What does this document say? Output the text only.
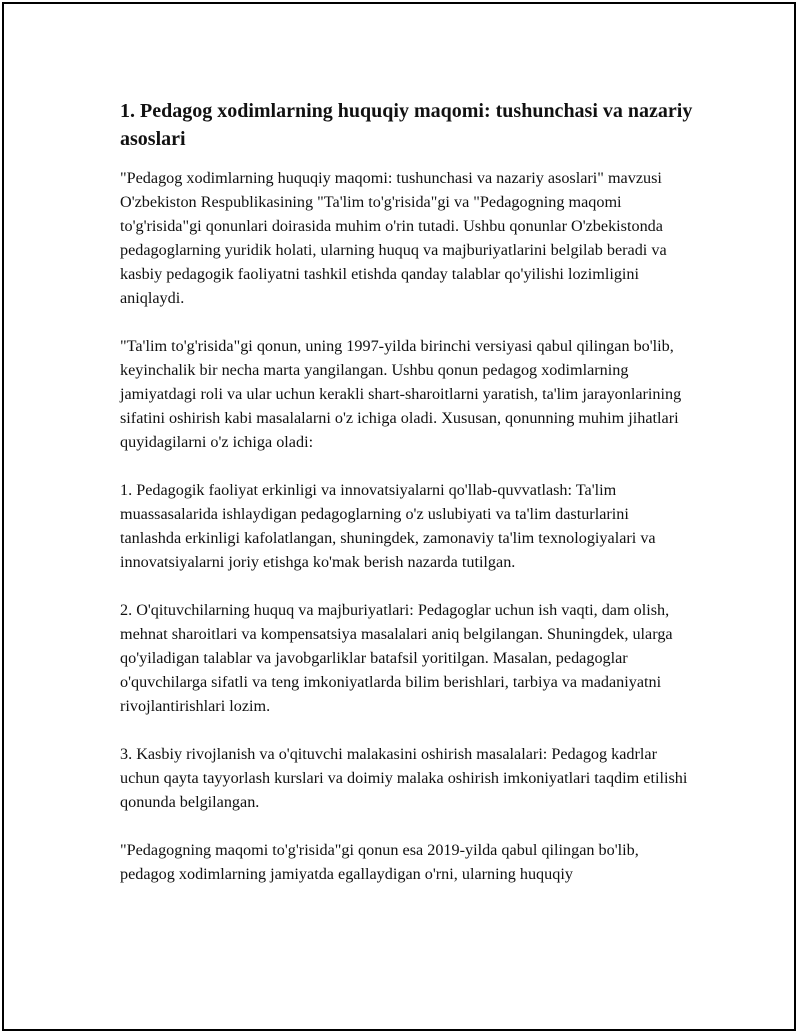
1. Pedagog xodimlarning huquqiy maqomi: tushunchasi va nazariy asoslari

"Pedagog xodimlarning huquqiy maqomi: tushunchasi va nazariy asoslari" mavzusi O'zbekiston Respublikasining "Ta'lim to'g'risida"gi va "Pedagogning maqomi to'g'risida"gi qonunlari doirasida muhim o'rin tutadi. Ushbu qonunlar O'zbekistonda pedagoglarning yuridik holati, ularning huquq va majburiyatlarini belgilab beradi va kasbiy pedagogik faoliyatni tashkil etishda qanday talablar qo'yilishi lozimligini aniqlaydi.

"Ta'lim to'g'risida"gi qonun, uning 1997-yilda birinchi versiyasi qabul qilingan bo'lib, keyinchalik bir necha marta yangilangan. Ushbu qonun pedagog xodimlarning jamiyatdagi roli va ular uchun kerakli shart-sharoitlarni yaratish, ta'lim jarayonlarining sifatini oshirish kabi masalalarni o'z ichiga oladi. Xususan, qonunning muhim jihatlari quyidagilarni o'z ichiga oladi:

1. Pedagogik faoliyat erkinligi va innovatsiyalarni qo'llab-quvvatlash: Ta'lim muassasalarida ishlaydigan pedagoglarning o'z uslubiyati va ta'lim dasturlarini tanlashda erkinligi kafolatlangan, shuningdek, zamonaviy ta'lim texnologiyalari va innovatsiyalarni joriy etishga ko'mak berish nazarda tutilgan.

2. O'qituvchilarning huquq va majburiyatlari: Pedagoglar uchun ish vaqti, dam olish, mehnat sharoitlari va kompensatsiya masalalari aniq belgilangan. Shuningdek, ularga qo'yiladigan talablar va javobgarliklar batafsil yoritilgan. Masalan, pedagoglar o'quvchilarga sifatli va teng imkoniyatlarda bilim berishlari, tarbiya va madaniyatni rivojlantirishlari lozim.

3. Kasbiy rivojlanish va o'qituvchi malakasini oshirish masalalari: Pedagog kadrlar uchun qayta tayyorlash kurslari va doimiy malaka oshirish imkoniyatlari taqdim etilishi qonunda belgilangan.

"Pedagogning maqomi to'g'risida"gi qonun esa 2019-yilda qabul qilingan bo'lib, pedagog xodimlarning jamiyatda egallaydigan o'rni, ularning huquqiy
